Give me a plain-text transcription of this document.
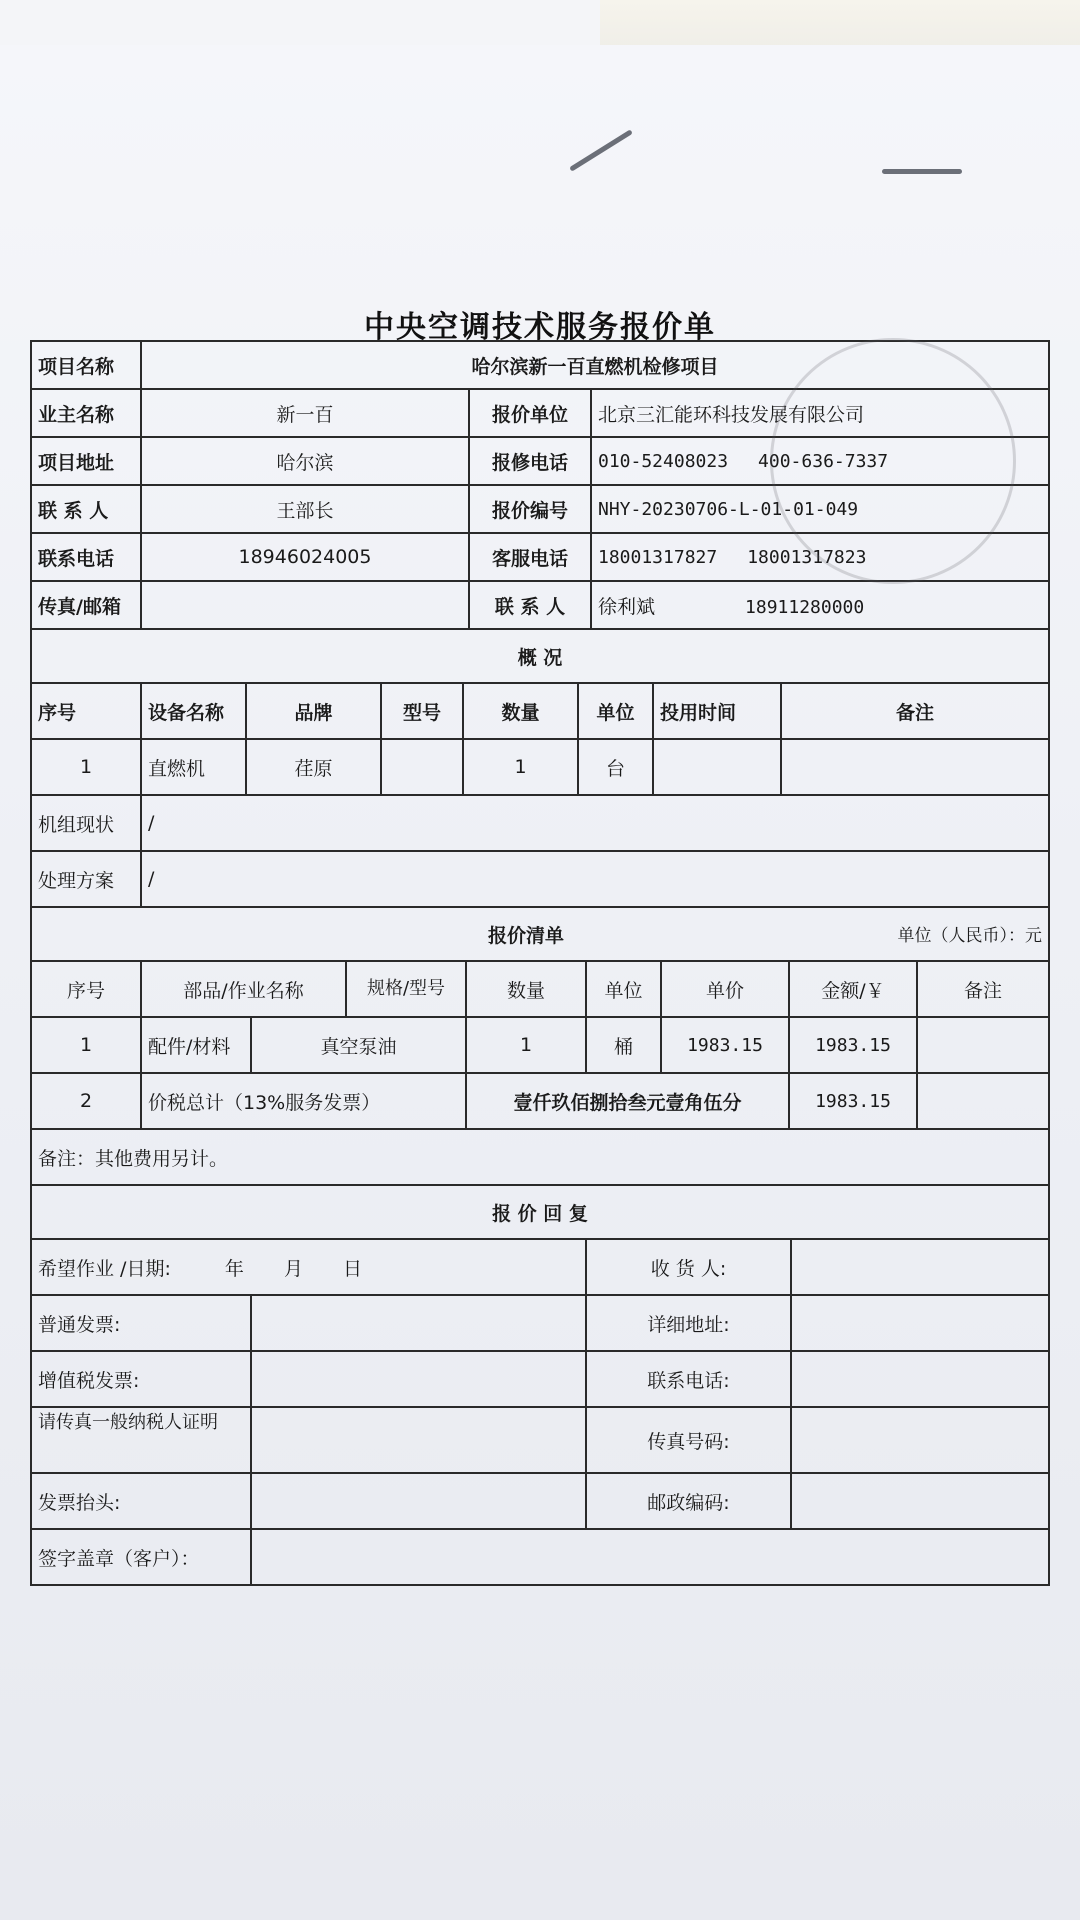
中央空调技术服务报价单
项目名称	哈尔滨新一百直燃机检修项目		
业主名称	新一百	报价单位	北京三汇能环科技发展有限公司
项目地址	哈尔滨	报修电话	010-52408023 400-636-7337
联 系 人	王部长	报价编号	NHY-20230706-L-01-01-049
联系电话	18946024005	客服电话	18001317827 18001317823
传真/邮箱		联 系 人	徐利斌 18911280000
概 况							
序号	设备名称	品牌	型号	数量	单位	投用时间	备注
1	直燃机	荏原		1	台		
机组现状	/						
处理方案	/						
报价清单 单位（人民币）：元								

序号	部品/作业名称		规格/型号	数量	单位	单价	金额/￥	备注
1	配件/材料	真空泵油		1	桶	1983.15	1983.15	
2	价税总计（13%服务发票）			壹仟玖佰捌拾叁元壹角伍分			1983.15	
备注：其他费用另计。								
报 价 回 复			
希望作业 /日期: 年 月 日		收 货 人:	
普通发票:		详细地址:	
增值税发票:		联系电话:	
请传真一般纳税人证明		传真号码:	
发票抬头:		邮政编码:	
签字盖章（客户）：			
